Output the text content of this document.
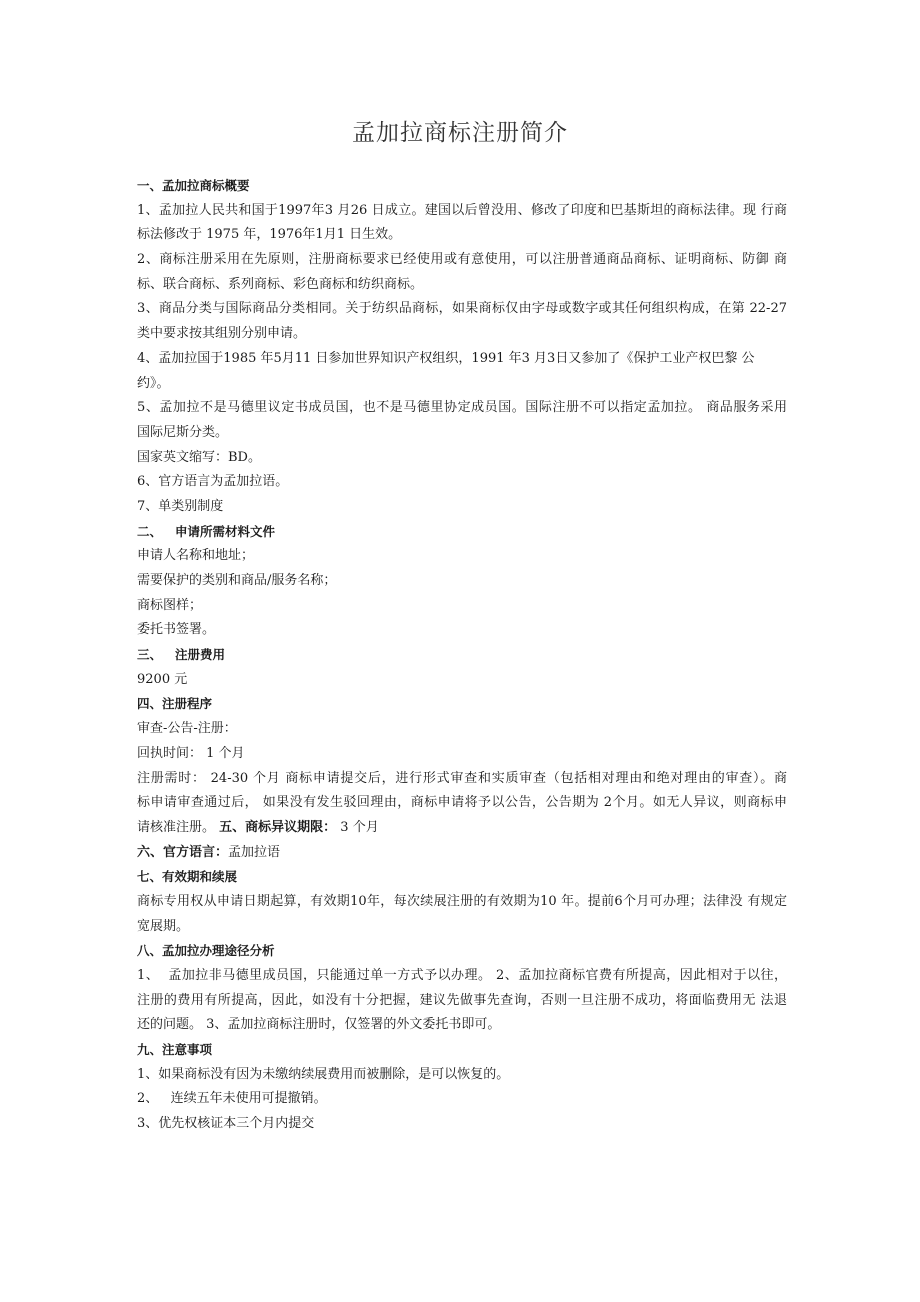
孟加拉商标注册简介
一、孟加拉商标概要
1、孟加拉人民共和国于1997年3 月26 日成立。建国以后曾没用、修改了印度和巴基斯坦的商标法律。现 行商
标法修改于 1975 年，1976年1月1 日生效。
2、商标注册采用在先原则，注册商标要求已经使用或有意使用，可以注册普通商品商标、证明商标、防御 商
标、联合商标、系列商标、彩色商标和纺织商标。
3、商品分类与国际商品分类相同。关于纺织品商标，如果商标仅由字母或数字或其任何组织构成，在第 22-27
类中要求按其组别分别申请。
4、孟加拉国于1985 年5月11 日参加世界知识产权组织，1991 年3 月3日又参加了《保护工业产权巴黎 公
约》。
5、孟加拉不是马德里议定书成员国，也不是马德里协定成员国。国际注册不可以指定孟加拉。 商品服务采用
国际尼斯分类。
国家英文缩写：BD。
6、官方语言为孟加拉语。
7、单类别制度
二、   申请所需材料文件
申请人名称和地址；
需要保护的类别和商品/服务名称；
商标图样；
委托书签署。
三、   注册费用
9200 元
四、注册程序
审查-公告-注册：
回执时间： 1 个月
注册需时： 24-30 个月 商标申请提交后，进行形式审查和实质审查（包括相对理由和绝对理由的审查）。商
标申请审查通过后， 如果没有发生驳回理由，商标申请将予以公告，公告期为 2个月。如无人异议，则商标申
请核准注册。 五、商标异议期限： 3 个月
六、官方语言：孟加拉语
七、有效期和续展
商标专用权从申请日期起算，有效期10年，每次续展注册的有效期为10 年。提前6个月可办理；法律没 有规定
宽展期。
八、孟加拉办理途径分析
1、  孟加拉非马德里成员国，只能通过单一方式予以办理。 2、孟加拉商标官费有所提高，因此相对于以往，
注册的费用有所提高，因此，如没有十分把握，建议先做事先查询，否则一旦注册不成功，将面临费用无 法退
还的问题。 3、孟加拉商标注册时，仅签署的外文委托书即可。
九、注意事项
1、如果商标没有因为未缴纳续展费用而被删除，是可以恢复的。
2、   连续五年未使用可提撤销。
3、优先权核证本三个月内提交
